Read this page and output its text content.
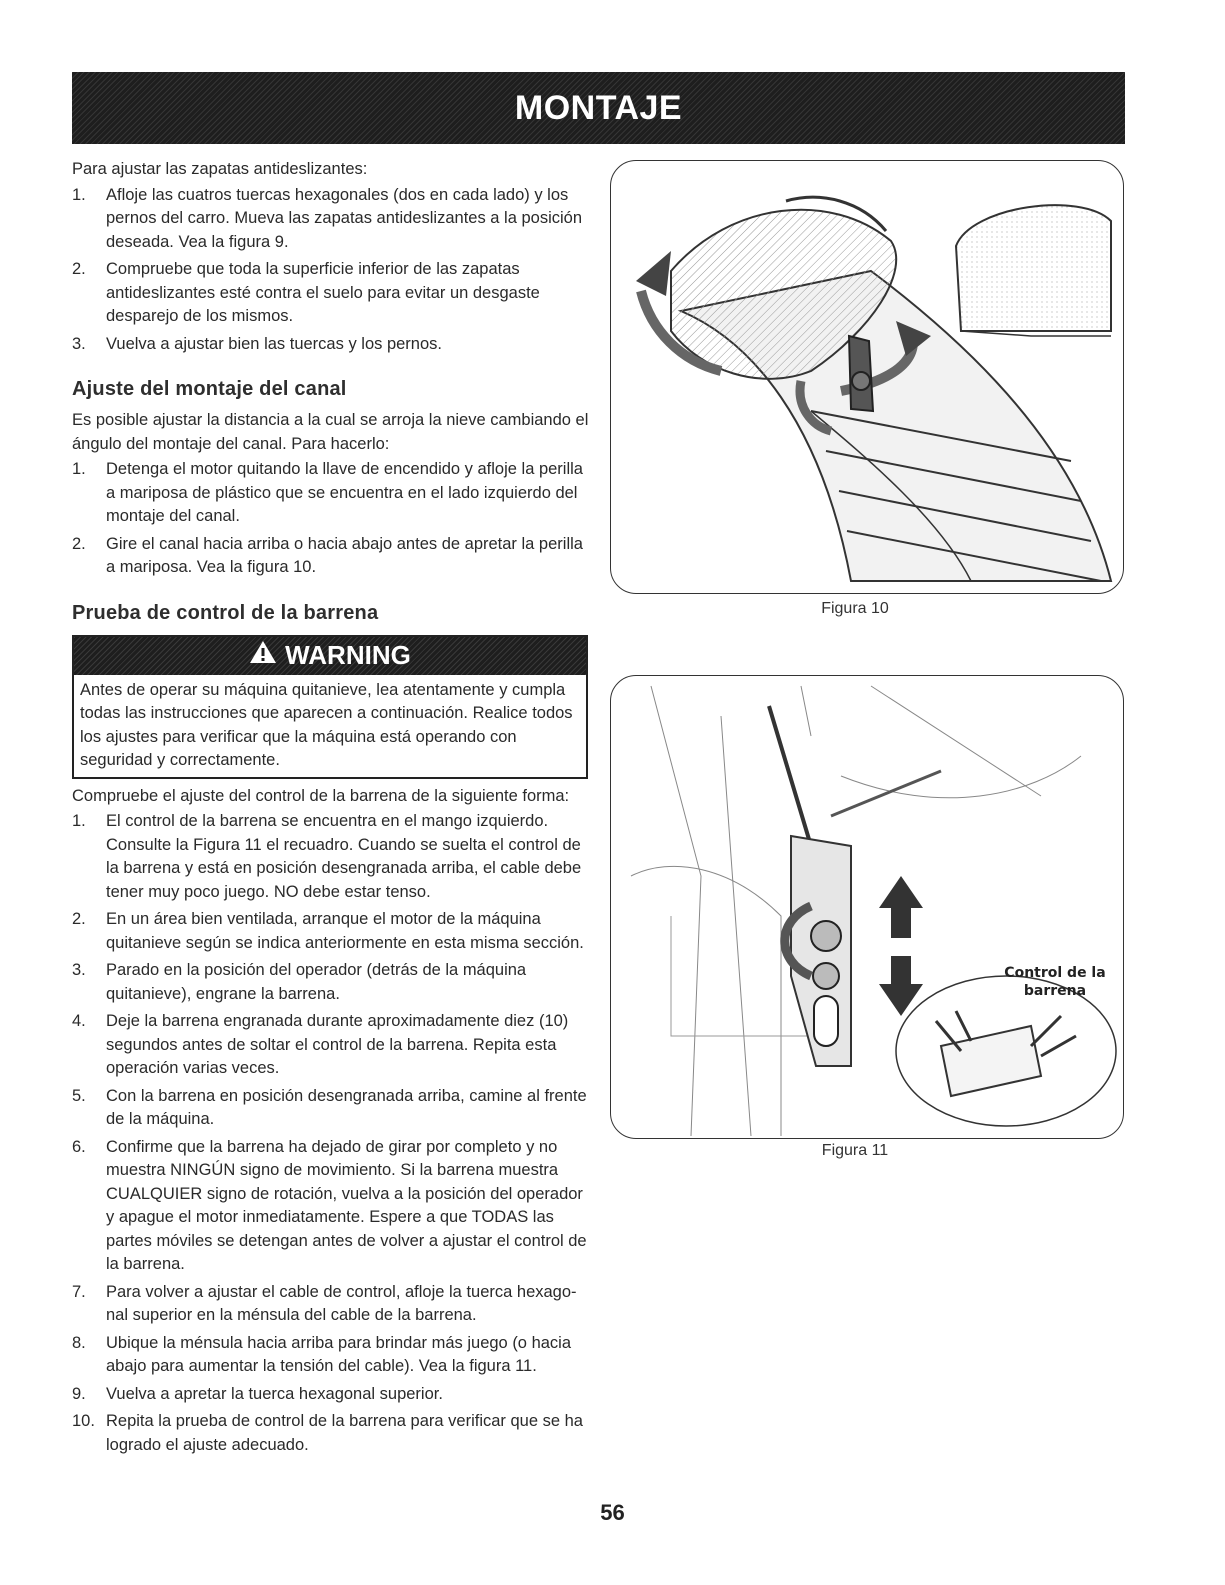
MONTAJE

Para ajustar las zapatas antideslizantes:

1. Afloje las cuatros tuercas hexagonales (dos en cada lado) y los pernos del carro. Mueva las zapatas antideslizantes a la posición deseada. Vea la figura 9.
2. Compruebe que toda la superficie inferior de las zapatas antideslizantes esté contra el suelo para evitar un desgaste desparejo de los mismos.
3. Vuelva a ajustar bien las tuercas y los pernos.
Ajuste del montaje del canal

Es posible ajustar la distancia a la cual se arroja la nieve cambiando el ángulo del montaje del canal. Para hacerlo:

1. Detenga el motor quitando la llave de encendido y afloje la perilla a mariposa de plástico que se encuentra en el lado izquierdo del montaje del canal.
2. Gire el canal hacia arriba o hacia abajo antes de apretar la perilla a mariposa. Vea la figura 10.
Prueba de control de la barrena
WARNING
Antes de operar su máquina quitanieve, lea atentamente y cumpla todas las instrucciones que aparecen a continuación. Realice todos los ajustes para verificar que la máquina está operando con seguridad y correctamente.

Compruebe el ajuste del control de la barrena de la siguiente forma:

1. El control de la barrena se encuentra en el mango izquierdo. Consulte la Figura 11 el recuadro. Cuando se suelta el control de la barrena y está en posición desengranada arriba, el cable debe tener muy poco juego. NO debe estar tenso.
2. En un área bien ventilada, arranque el motor de la máquina quitanieve según se indica anteriormente en esta misma sección.
3. Parado en la posición del operador (detrás de la máquina quitanieve), engrane la barrena.
4. Deje la barrena engranada durante aproximadamente diez (10) segundos antes de soltar el control de la barrena. Repita esta operación varias veces.
5. Con la barrena en posición desengranada arriba, camine al frente de la máquina.
6. Confirme que la barrena ha dejado de girar por completo y no muestra NINGÚN signo de movimiento. Si la barrena muestra CUALQUIER signo de rotación, vuelva a la posición del operador y apague el motor inmediatamente. Espere a que TODAS las partes móviles se detengan antes de volver a ajustar el control de la barrena.
7. Para volver a ajustar el cable de control, afloje la tuerca hexagonal superior en la ménsula del cable de la barrena.
8. Ubique la ménsula hacia arriba para brindar más juego (o hacia abajo para aumentar la tensión del cable). Vea la figura 11.
9. Vuelva a apretar la tuerca hexagonal superior.
10. Repita la prueba de control de la barrena para verificar que se ha logrado el ajuste adecuado.
Figura 10
Control de la
barrena
Figura 11
56
